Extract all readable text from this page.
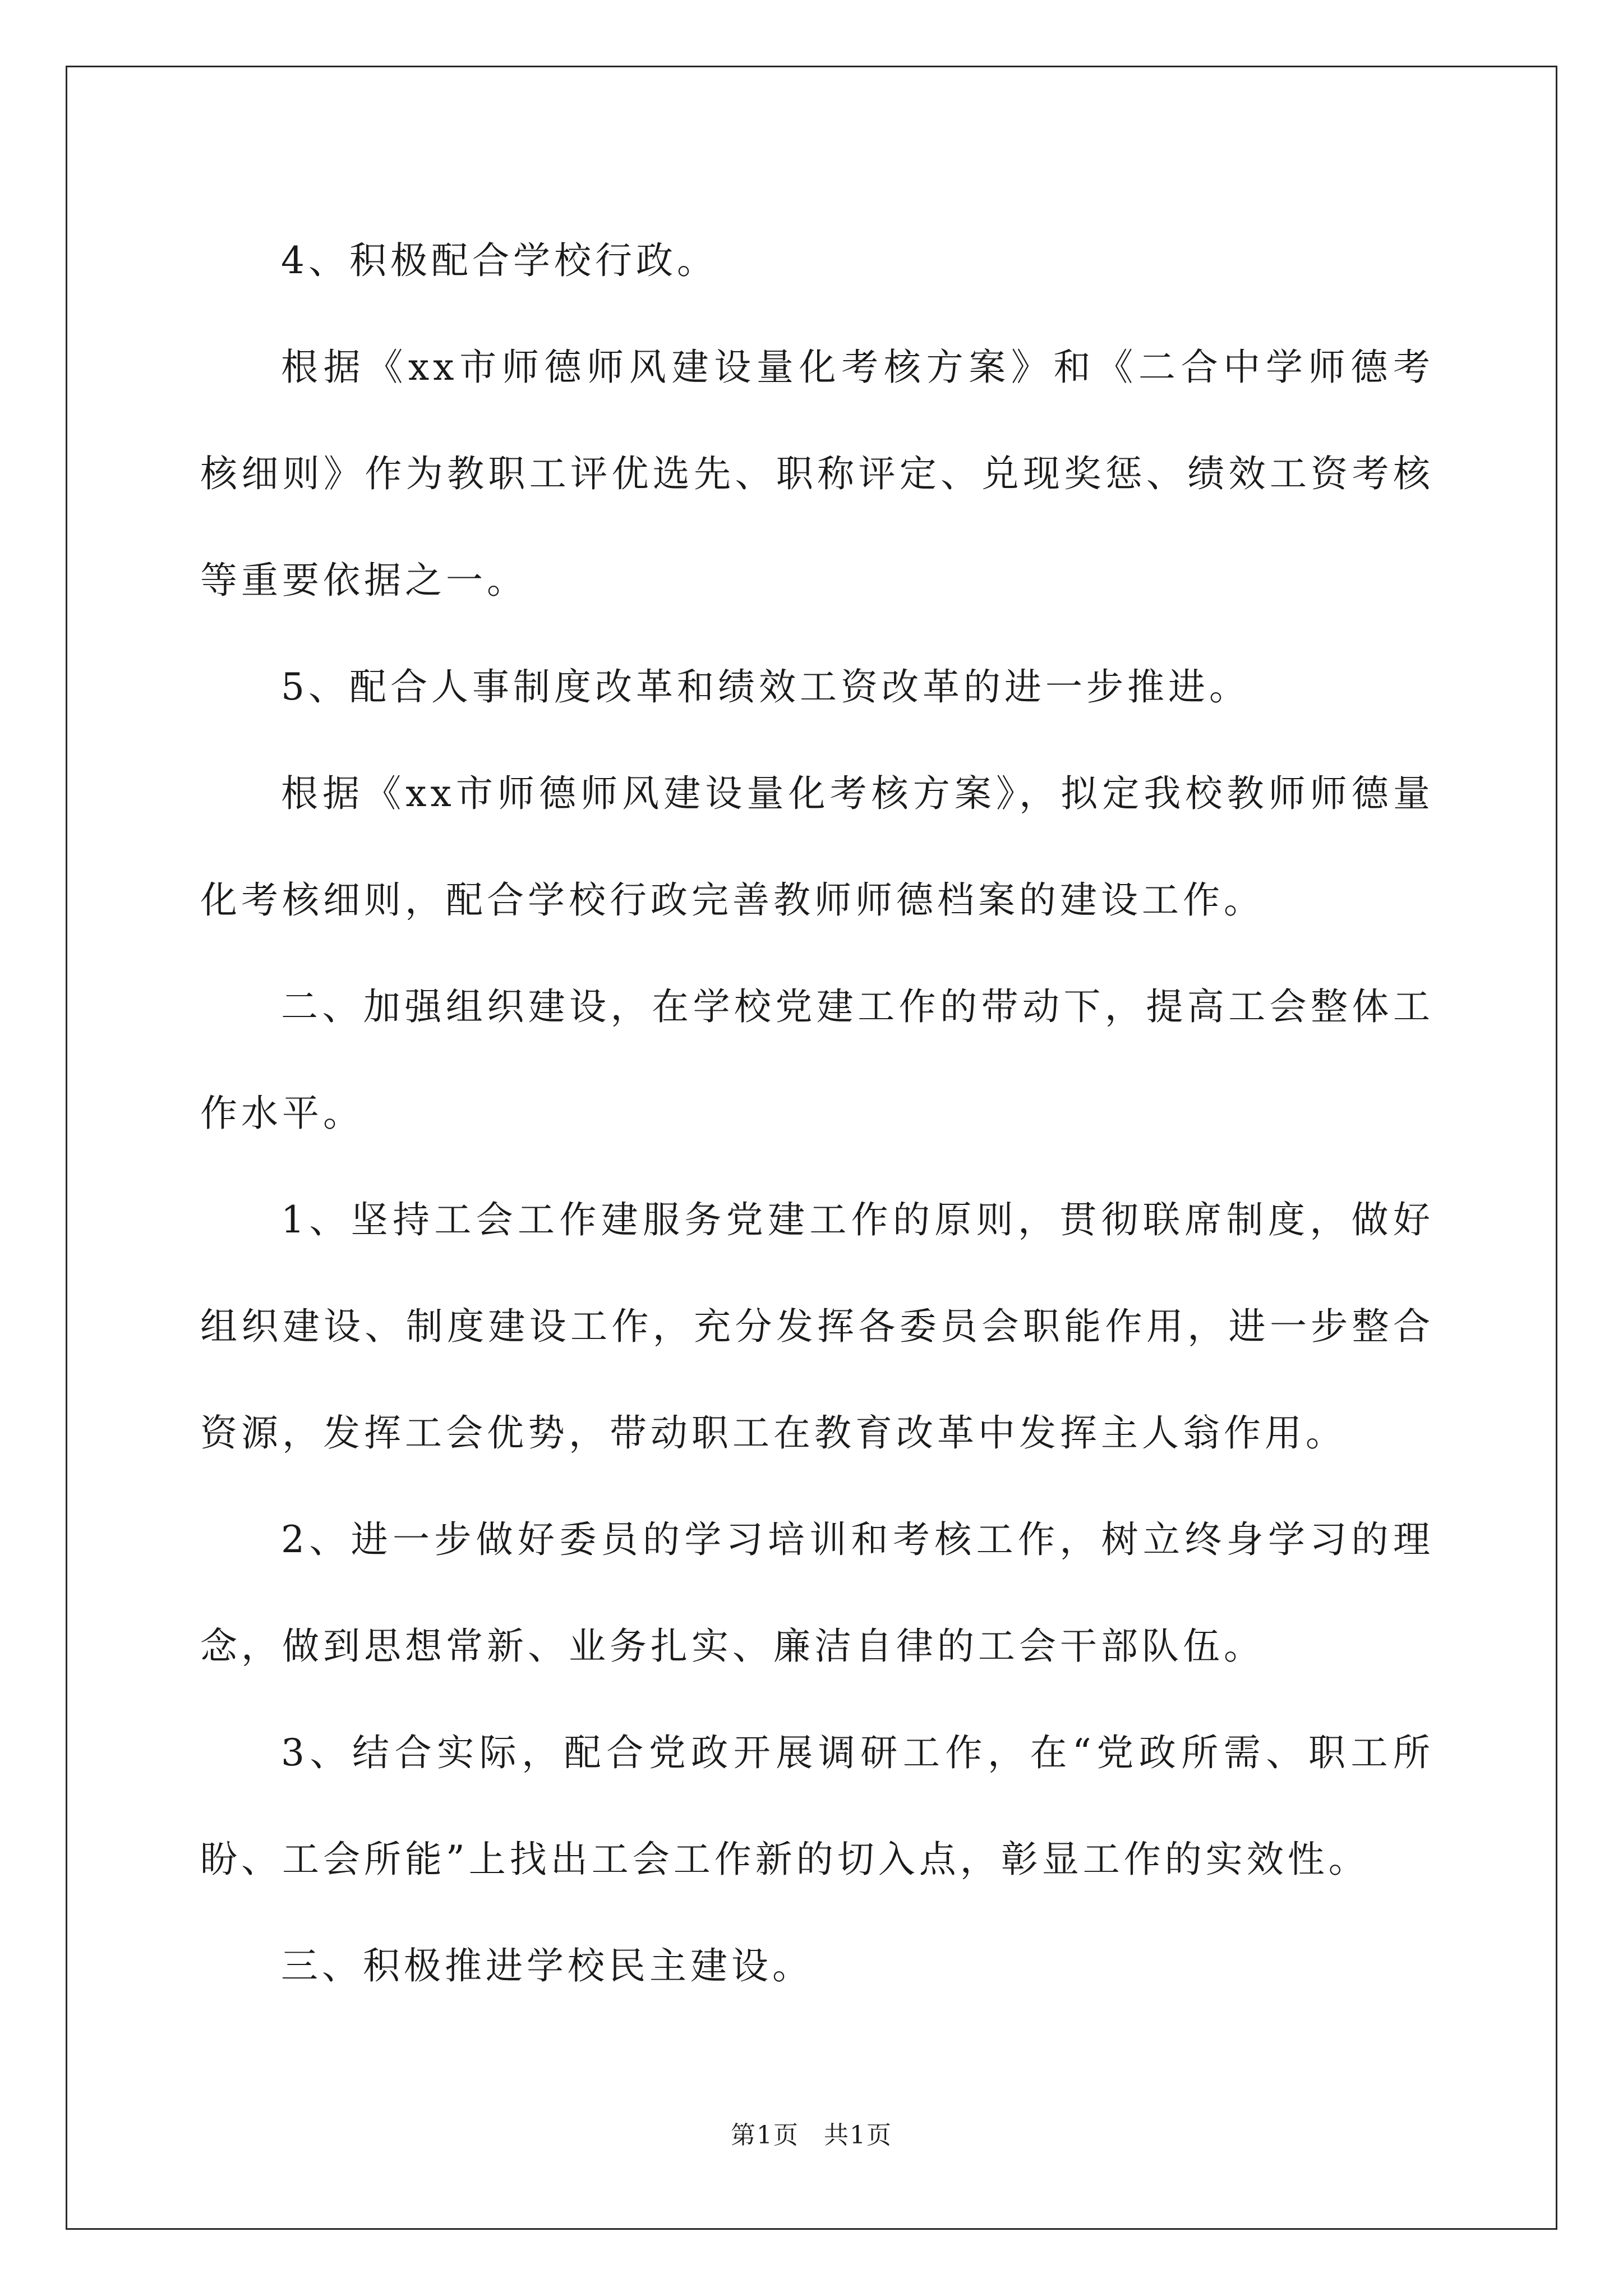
4、积极配合学校行政。

根据《xx市师德师风建设量化考核方案》和《二合中学师德考核细则》作为教职工评优选先、职称评定、兑现奖惩、绩效工资考核等重要依据之一。

5、配合人事制度改革和绩效工资改革的进一步推进。

根据《xx市师德师风建设量化考核方案》，拟定我校教师师德量化考核细则，配合学校行政完善教师师德档案的建设工作。

二、加强组织建设，在学校党建工作的带动下，提高工会整体工作水平。

1、坚持工会工作建服务党建工作的原则，贯彻联席制度，做好组织建设、制度建设工作，充分发挥各委员会职能作用，进一步整合资源，发挥工会优势，带动职工在教育改革中发挥主人翁作用。

2、进一步做好委员的学习培训和考核工作，树立终身学习的理念，做到思想常新、业务扎实、廉洁自律的工会干部队伍。

3、结合实际，配合党政开展调研工作，在“党政所需、职工所盼、工会所能”上找出工会工作新的切入点，彰显工作的实效性。

三、积极推进学校民主建设。

第1页 共1页
